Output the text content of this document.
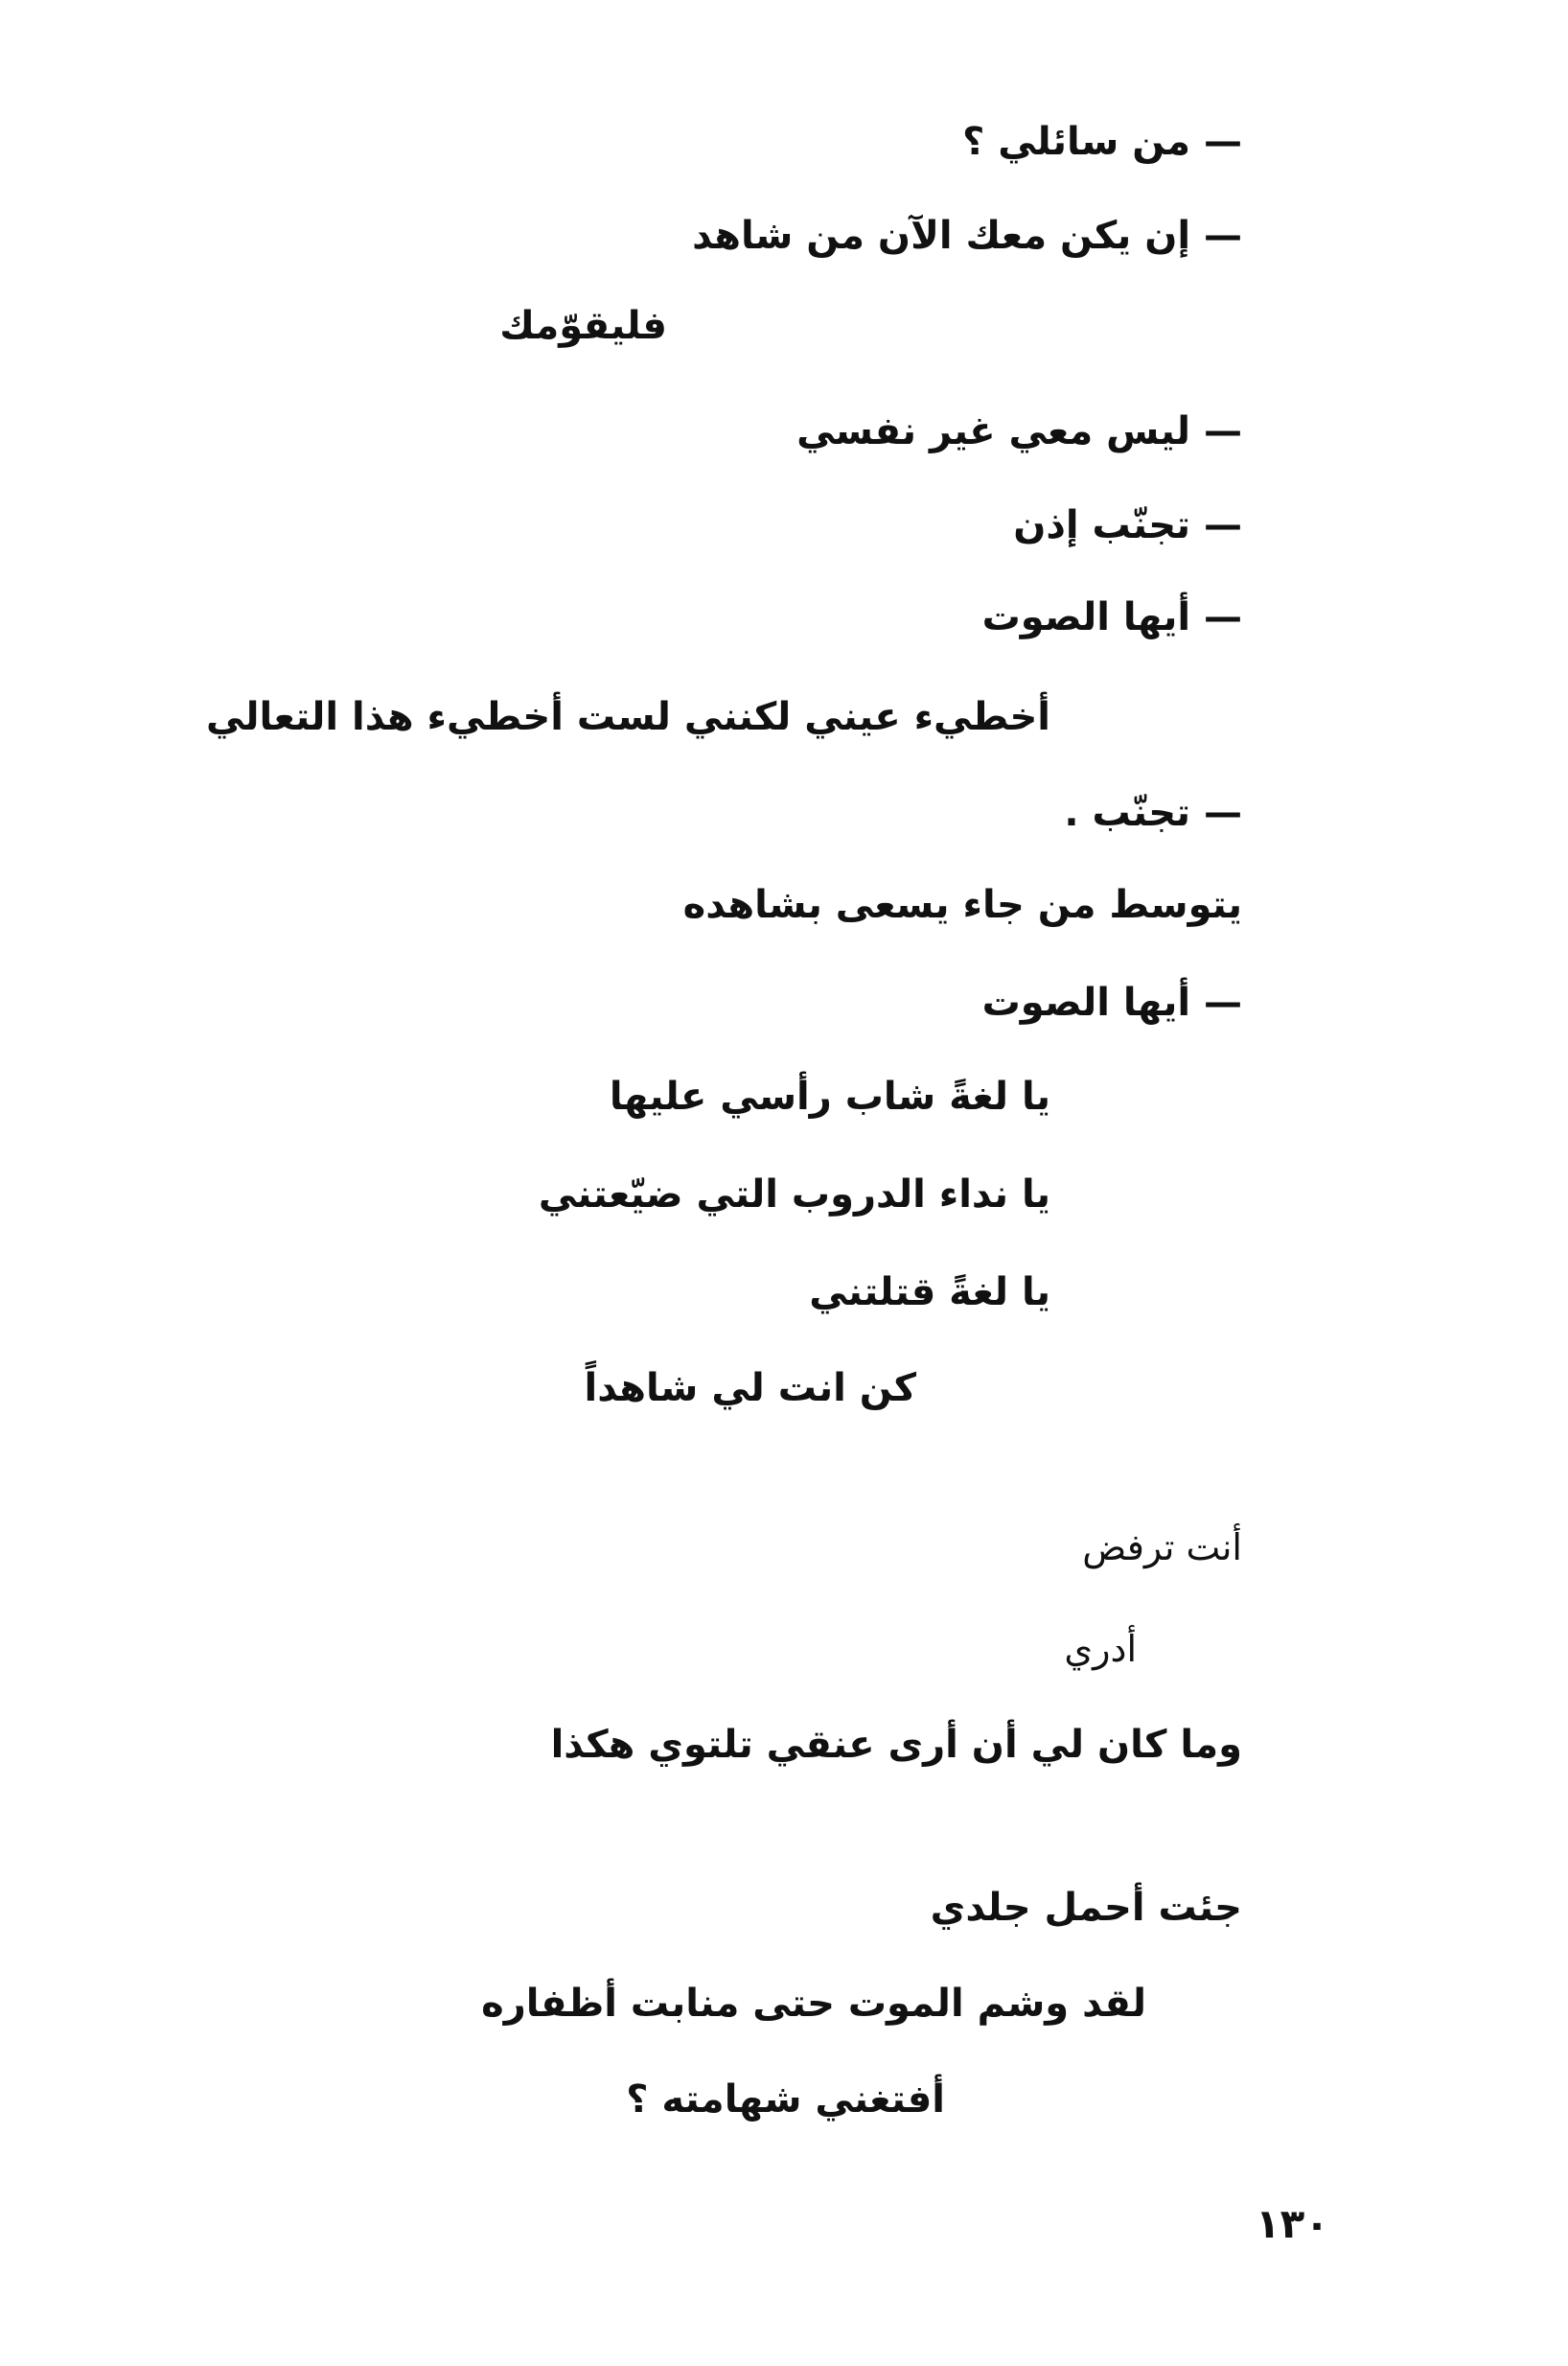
— من سائلي ؟
— إن يكن معك الآن من شاهد
فليقوّمك
— ليس معي غير نفسي
— تجنّب إذن
— أيها الصوت
أخطيء عيني لكنني لست أخطيء هذا التعالي
— تجنّب .
يتوسط من جاء يسعى بشاهده
— أيها الصوت
يا لغةً شاب رأسي عليها
يا نداء الدروب التي ضيّعتني
يا لغةً قتلتني
كن انت لي شاهداً
أنت ترفض
أدري
وما كان لي أن أرى عنقي تلتوي هكذا
جئت أحمل جلدي
لقد وشم الموت حتى منابت أظفاره
أفتغني شهامته ؟
١٣٠
